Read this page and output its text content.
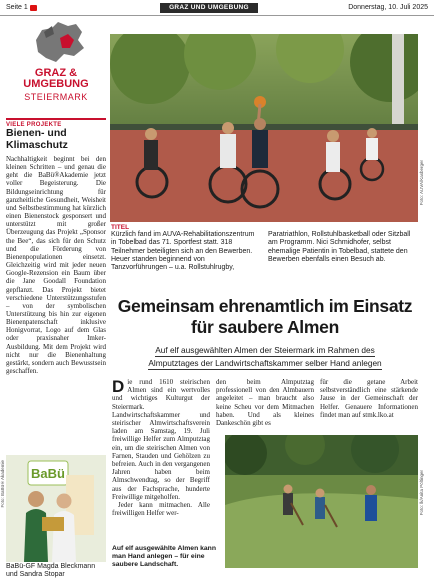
Seite 1	GRAZ UND UMGEBUNG	Donnerstag, 10. Juli 2025
GRAZ &
UMGEBUNG
STEIERMARK
VIELE PROJEKTE
Bienen- und Klimaschutz
Nachhaltigkeit beginnt bei den kleinen Schritten – und genau die geht die BaBü®Akademie jetzt voller Begeisterung. Die Bildungseinrichtung für ganzheitliche Gesundheit, Weisheit und Selbstbestimmung hat kürzlich einen Bienenstock gesponsert und unterstützt mit großer Überzeugung das Projekt „Sponsor the Bee“, das sich für den Schutz und die Förderung von Bienenpopulationen einsetzt. Gleichzeitig wird mit jeder neuen Google-Rezension ein Baum über die Jane Goodall Foundation gepflanzt. Das Projekt bietet verschiedene Unterstützungsstufen – von der symbolischen Unterstützung bis hin zur eigenen Bienenpatenschaft inklusive Honigvorrat, Logo auf dem Glas oder praxisnaher Imker-Ausbildung. Mit dem Projekt wird nicht nur die Bienenhaltung gestärkt, sondern auch Bewusstsein geschaffen.
BaBü
Foto: BaBü®Akademie
BaBü-GF Magda Bleckmann und Sandra Stopar
Foto: AUVA/Kasberger
TITEL
Kürzlich fand im AUVA-Rehabilitationszentrum in Tobelbad das 71. Sportfest statt. 318 Teilnehmer beteiligten sich an den Bewerben. Heuer standen beginnend von Tanzvorführungen – u.a. Rollstuhlrugby,
Paratriathlon, Rollstuhlbasketball oder Sitzball am Programm. Nici Schmidhofer, selbst ehemalige Patientin in Tobelbad, stattete den Bewerben ebenfalls einen Besuch ab.
Gemeinsam ehrenamtlich im Einsatz für saubere Almen
Auf elf ausgewählten Almen der Steiermark im Rahmen des
Almputztages der Landwirtschaftskammer selber Hand anlegen
Die rund 1610 steirischen Almen sind ein wertvolles und wichtiges Kulturgut der Steiermark. Landwirtschaftskammer und steirischer Almwirtschaftsverein laden am Samstag, 19. Juli freiwillige Helfer zum Almputztag ein, um die steirischen Almen von Farnen, Stauden und Gehölzen zu befreien. Auch in den vergangenen Jahren haben beim Almschwendtag, so der Begriff aus der Fachsprache, hunderte Freiwillige mitgeholfen.
Jeder kann mitmachen. Alle freiwilligen Helfer wer-
den beim Almputztag professionell von den Almbauern angeleitet – man braucht also keine Scheu vor dem Mitmachen haben. Und als kleines Dankeschön gibt es
für die getane Arbeit selbstverständlich eine stärkende Jause in der Gemeinschaft der Helfer. Genauere Informationen findet man auf stmk.lko.at
Foto: lk/Anita Pöltinger
Auf elf ausgewählte Almen kann man Hand anlegen – für eine saubere Landschaft.
